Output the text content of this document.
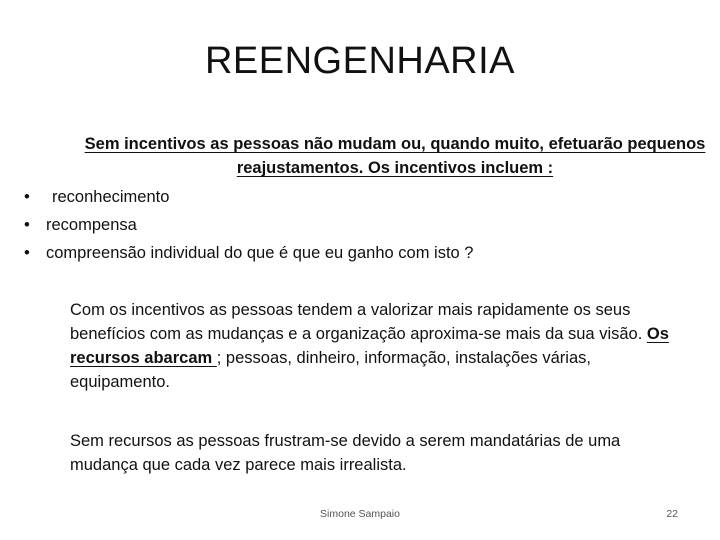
REENGENHARIA
Sem incentivos as pessoas não mudam ou, quando muito, efetuarão pequenos reajustamentos. Os incentivos incluem :
• reconhecimento
• recompensa
• compreensão individual do que é que eu ganho com isto ?
Com os incentivos as pessoas tendem a valorizar mais rapidamente os seus benefícios com as mudanças e a organização aproxima-se mais da sua visão. Os recursos abarcam ; pessoas, dinheiro, informação, instalações várias, equipamento.
Sem recursos as pessoas frustram-se devido a serem mandatárias de uma mudança que cada vez parece mais irrealista.
Simone Sampaio	22
